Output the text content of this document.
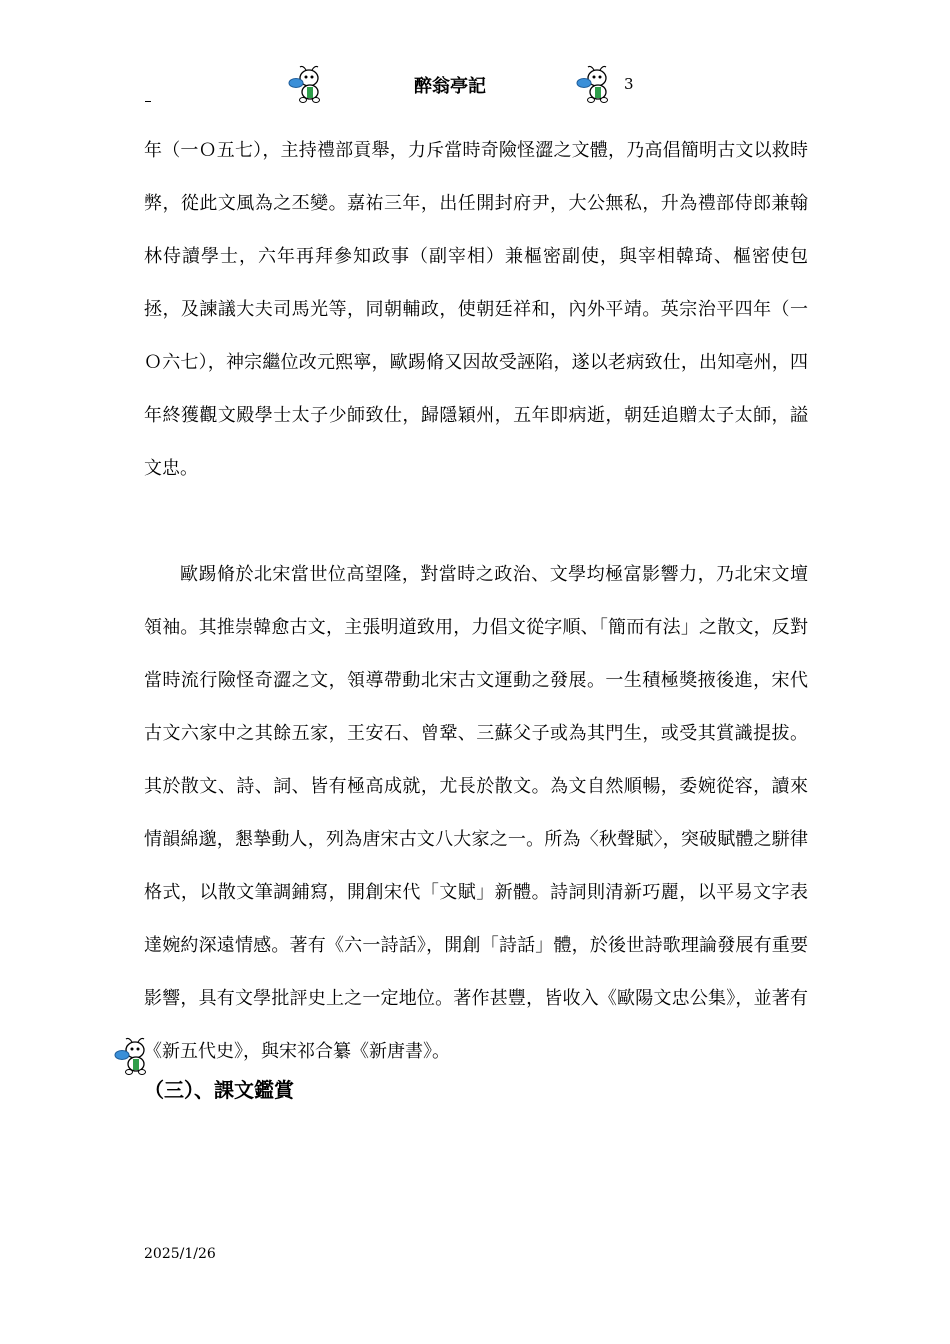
醉翁亭記	3

年（一Ｏ五七），主持禮部貢舉，力斥當時奇險怪澀之文體，乃高倡簡明古文以救時弊，從此文風為之丕變。嘉祐三年，出任開封府尹，大公無私，升為禮部侍郎兼翰林侍讀學士，六年再拜參知政事（副宰相）兼樞密副使，與宰相韓琦、樞密使包拯，及諫議大夫司馬光等，同朝輔政，使朝廷祥和，內外平靖。英宗治平四年（一Ｏ六七），神宗繼位改元熙寧，歐踢脩又因故受誣陷，遂以老病致仕，出知亳州，四年終獲觀文殿學士太子少師致仕，歸隱穎州，五年即病逝，朝廷追贈太子太師，謚文忠。

歐踢脩於北宋當世位高望隆，對當時之政治、文學均極富影響力，乃北宋文壇領袖。其推崇韓愈古文，主張明道致用，力倡文從字順、「簡而有法」之散文，反對當時流行險怪奇澀之文，領導帶動北宋古文運動之發展。一生積極獎掖後進，宋代古文六家中之其餘五家，王安石、曾鞏、三蘇父子或為其門生，或受其賞識提拔。其於散文、詩、詞、皆有極高成就，尤長於散文。為文自然順暢，委婉從容，讀來情韻綿邈，懇摯動人，列為唐宋古文八大家之一。所為〈秋聲賦〉，突破賦體之駢律格式，以散文筆調鋪寫，開創宋代「文賦」新體。詩詞則清新巧麗，以平易文字表達婉約深遠情感。著有《六一詩話》，開創「詩話」體，於後世詩歌理論發展有重要影響，具有文學批評史上之一定地位。著作甚豐，皆收入《歐陽文忠公集》，並著有《新五代史》，與宋祁合纂《新唐書》。

（三）、課文鑑賞
2025/1/26
